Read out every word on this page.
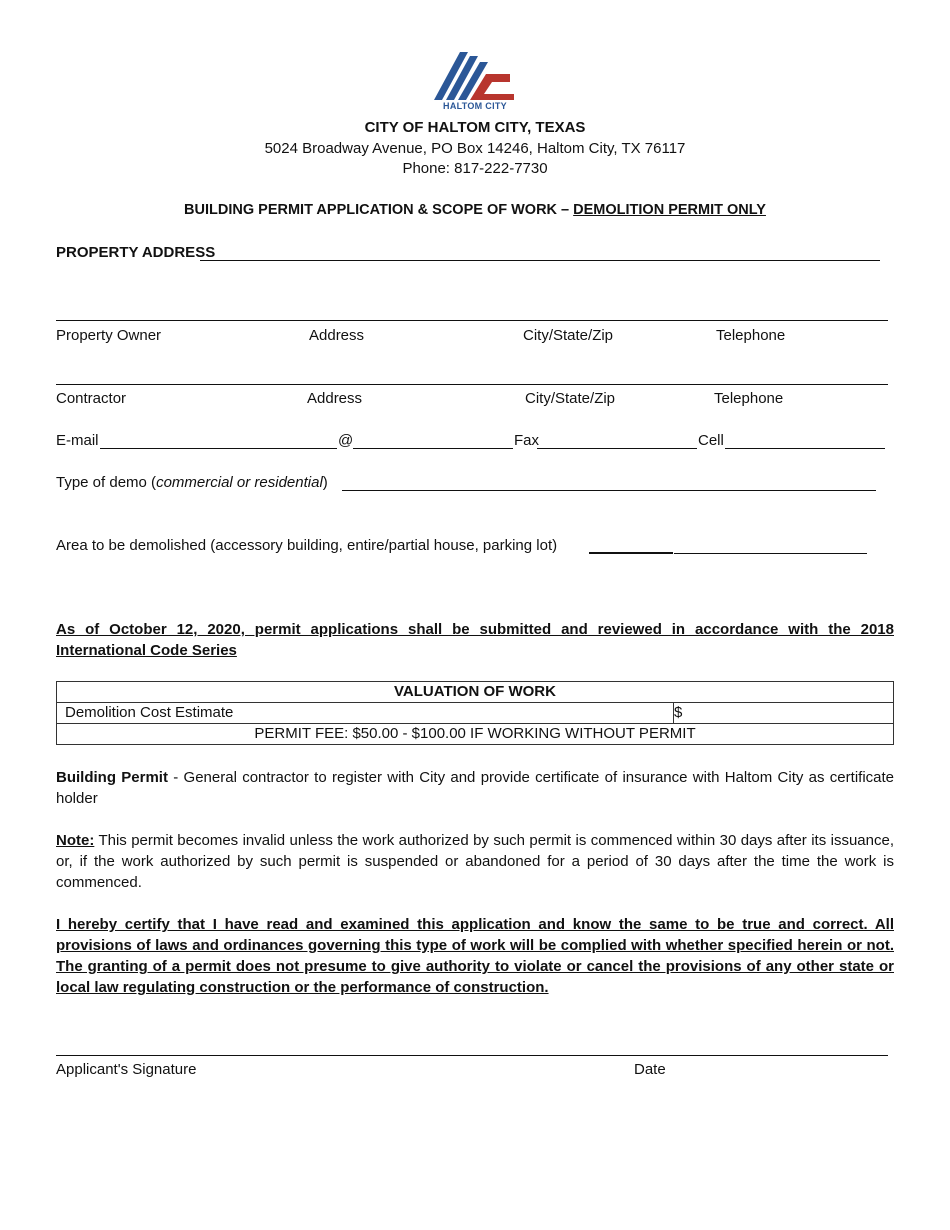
HALTOM CITY
CITY OF HALTOM CITY, TEXAS
5024 Broadway Avenue, PO Box 14246, Haltom City, TX 76117
Phone: 817-222-7730
BUILDING PERMIT APPLICATION & SCOPE OF WORK – DEMOLITION PERMIT ONLY
PROPERTY ADDRESS
Property Owner	Address	City/State/Zip	Telephone
Contractor	Address	City/State/Zip	Telephone
E-mail	@	Fax	Cell
Type of demo (commercial or residential)
Area to be demolished (accessory building, entire/partial house, parking lot)
As of October 12, 2020, permit applications shall be submitted and reviewed in accordance with the 2018 International Code Series
VALUATION OF WORK
Demolition Cost Estimate	$
PERMIT FEE: $50.00 - $100.00 IF WORKING WITHOUT PERMIT
Building Permit - General contractor to register with City and provide certificate of insurance with Haltom City as certificate holder
Note: This permit becomes invalid unless the work authorized by such permit is commenced within 30 days after its issuance, or, if the work authorized by such permit is suspended or abandoned for a period of 30 days after the time the work is commenced.
I hereby certify that I have read and examined this application and know the same to be true and correct. All provisions of laws and ordinances governing this type of work will be complied with whether specified herein or not. The granting of a permit does not presume to give authority to violate or cancel the provisions of any other state or local law regulating construction or the performance of construction.
Applicant's Signature	Date
